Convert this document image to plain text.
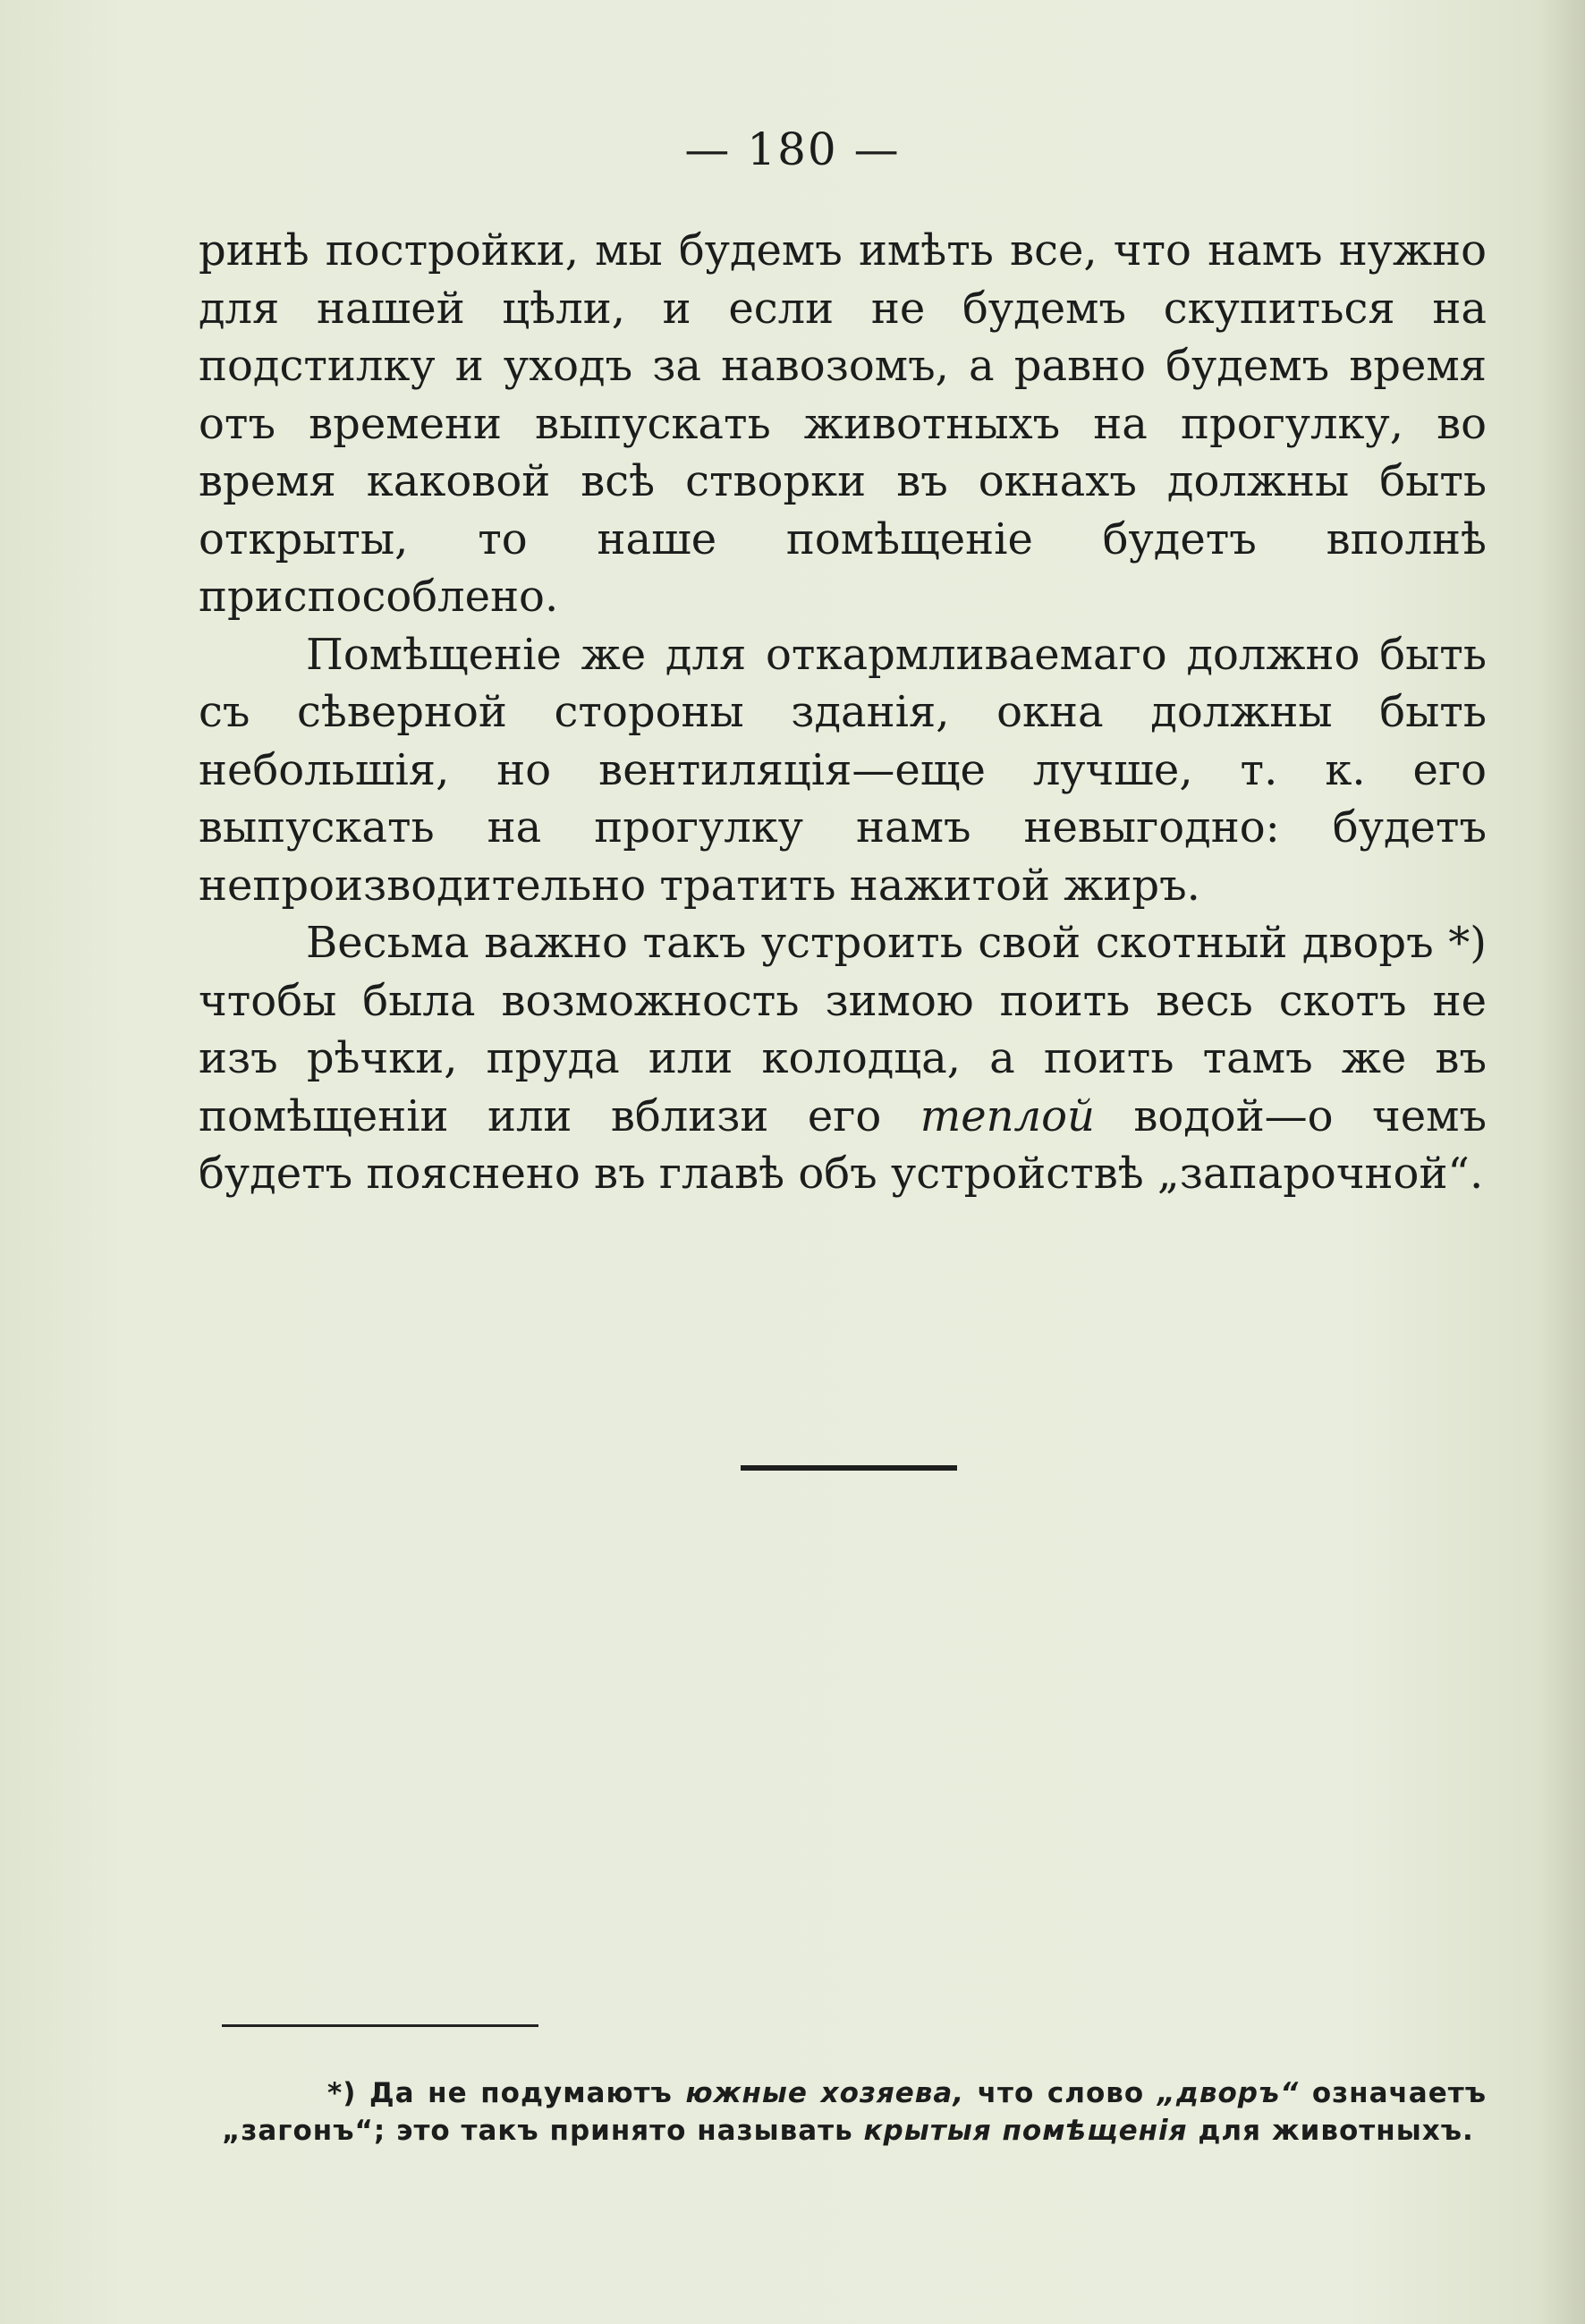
— 180 —

ринѣ постройки, мы будемъ имѣть все, что намъ нужно для нашей цѣли, и если не будемъ скупиться на подстилку и уходъ за навозомъ, а равно будемъ время отъ времени выпускать животныхъ на прогулку, во время каковой всѣ створки въ окнахъ должны быть открыты, то наше помѣщеніе будетъ вполнѣ приспособлено.

Помѣщеніе же для откармливаемаго должно быть съ сѣверной стороны зданія, окна должны быть небольшія, но вентиляція—еще лучше, т. к. его выпускать на прогулку намъ невыгодно: будетъ непроизводительно тратить нажитой жиръ.

Весьма важно такъ устроить свой скотный дворъ *) чтобы была возможность зимою поить весь скотъ не изъ рѣчки, пруда или колодца, а поить тамъ же въ помѣщеніи или вблизи его теплой водой—о чемъ будетъ пояснено въ главѣ объ устройствѣ „запарочной“.

*) Да не подумаютъ южные хозяева, что слово „дворъ“ означаетъ „загонъ“; это такъ принято называть крытыя помѣщенія для животныхъ.
